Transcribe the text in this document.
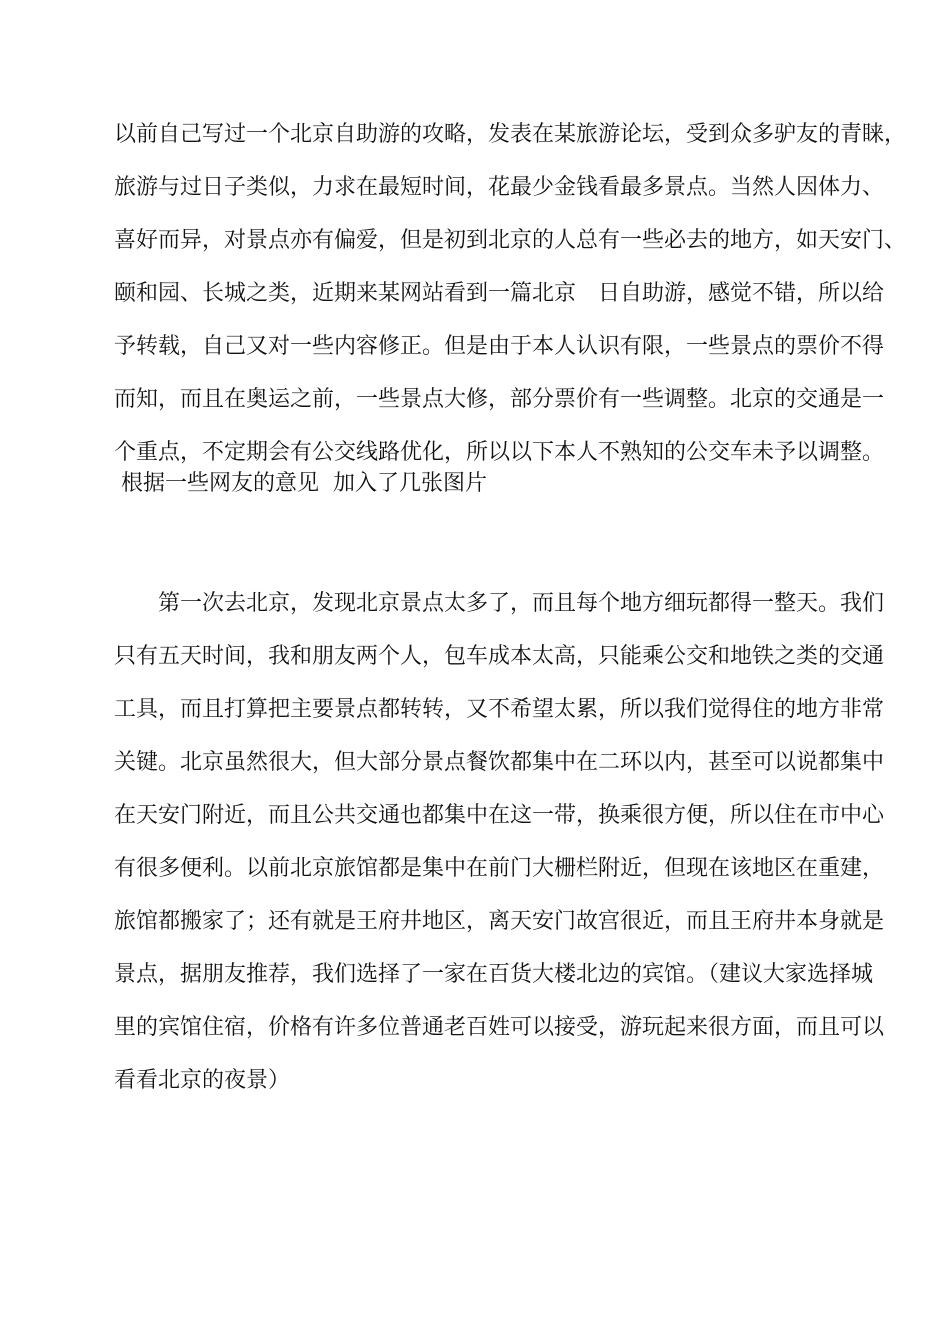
以前自己写过一个北京自助游的攻略，发表在某旅游论坛，受到众多驴友的青睐，
旅游与过日子类似，力求在最短时间，花最少金钱看最多景点。当然人因体力、
喜好而异，对景点亦有偏爱，但是初到北京的人总有一些必去的地方，如天安门、
颐和园、长城之类，近期来某网站看到一篇北京　日自助游，感觉不错，所以给
予转载，自己又对一些内容修正。但是由于本人认识有限，一些景点的票价不得
而知，而且在奥运之前，一些景点大修，部分票价有一些调整。北京的交通是一
个重点，不定期会有公交线路优化，所以以下本人不熟知的公交车未予以调整。
根据一些网友的意见  加入了几张图片
　　第一次去北京，发现北京景点太多了，而且每个地方细玩都得一整天。我们
只有五天时间，我和朋友两个人，包车成本太高，只能乘公交和地铁之类的交通
工具，而且打算把主要景点都转转，又不希望太累，所以我们觉得住的地方非常
关键。北京虽然很大，但大部分景点餐饮都集中在二环以内，甚至可以说都集中
在天安门附近，而且公共交通也都集中在这一带，换乘很方便，所以住在市中心
有很多便利。以前北京旅馆都是集中在前门大栅栏附近，但现在该地区在重建，
旅馆都搬家了；还有就是王府井地区，离天安门故宫很近，而且王府井本身就是
景点，据朋友推荐，我们选择了一家在百货大楼北边的宾馆。（建议大家选择城
里的宾馆住宿，价格有许多位普通老百姓可以接受，游玩起来很方面，而且可以
看看北京的夜景）
